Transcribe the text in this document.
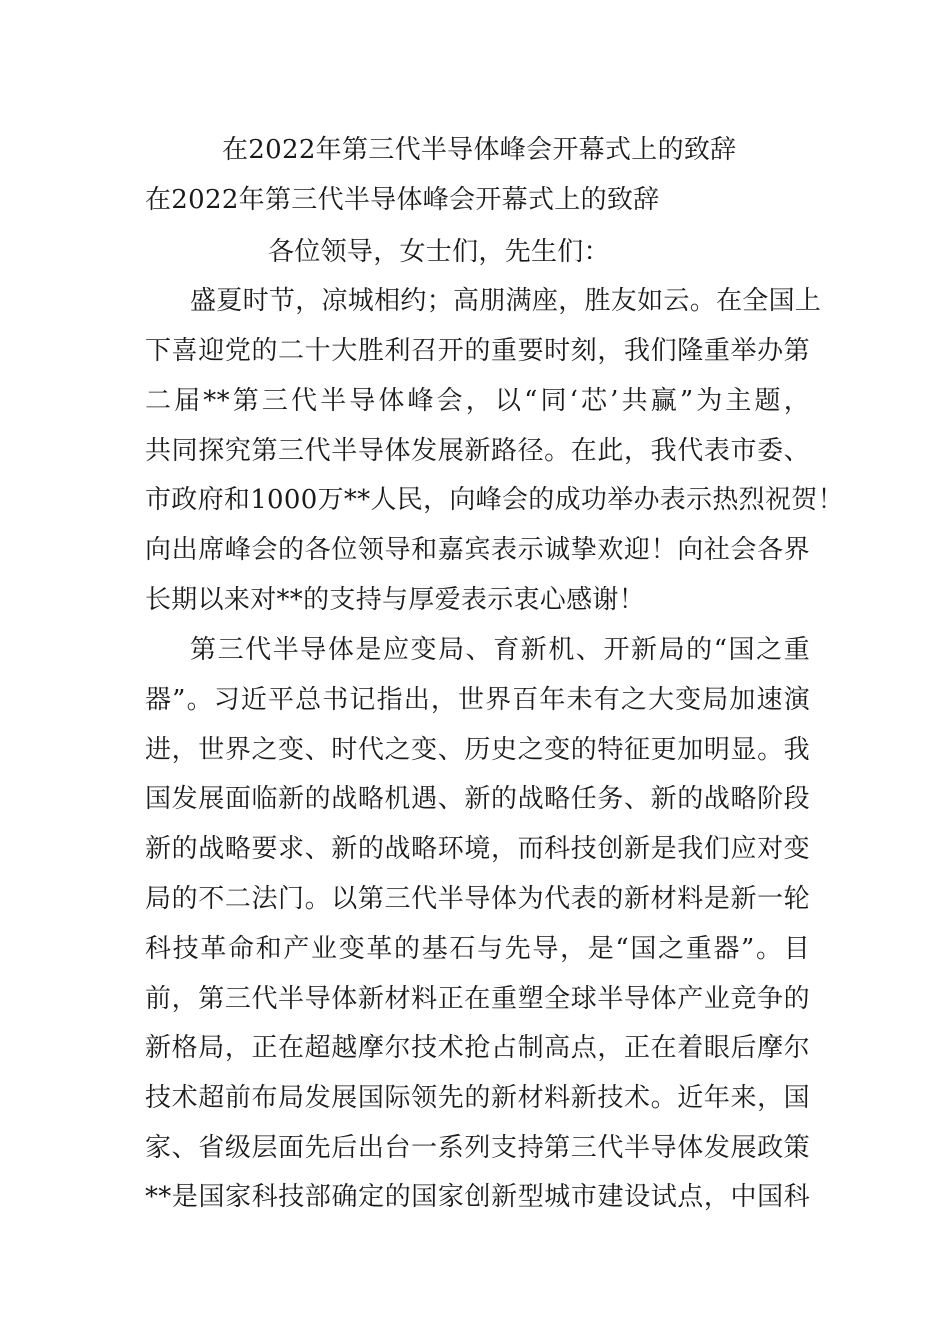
在2022年第三代半导体峰会开幕式上的致辞
在2022年第三代半导体峰会开幕式上的致辞
各位领导，女士们，先生们：
盛夏时节，凉城相约；高朋满座，胜友如云。在全国上
下喜迎党的二十大胜利召开的重要时刻，我们隆重举办第
二届**第三代半导体峰会，以“同‘芯’共赢”为主题，
共同探究第三代半导体发展新路径。在此，我代表市委、
市政府和1000万**人民，向峰会的成功举办表示热烈祝贺！
向出席峰会的各位领导和嘉宾表示诚挚欢迎！向社会各界
长期以来对**的支持与厚爱表示衷心感谢！
第三代半导体是应变局、育新机、开新局的“国之重
器”。习近平总书记指出，世界百年未有之大变局加速演
进，世界之变、时代之变、历史之变的特征更加明显。我
国发展面临新的战略机遇、新的战略任务、新的战略阶段
新的战略要求、新的战略环境，而科技创新是我们应对变
局的不二法门。以第三代半导体为代表的新材料是新一轮
科技革命和产业变革的基石与先导，是“国之重器”。目
前，第三代半导体新材料正在重塑全球半导体产业竞争的
新格局，正在超越摩尔技术抢占制高点，正在着眼后摩尔
技术超前布局发展国际领先的新材料新技术。近年来，国
家、省级层面先后出台一系列支持第三代半导体发展政策
**是国家科技部确定的国家创新型城市建设试点，中国科
